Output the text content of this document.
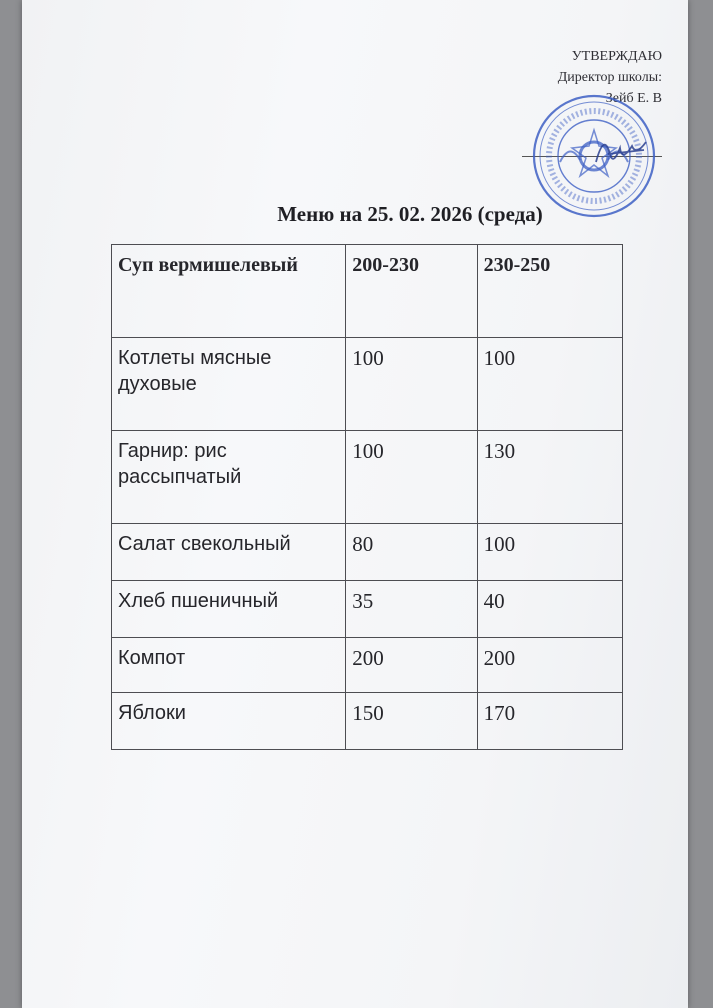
УТВЕРЖДАЮ
Директор школы:
Зейб Е. В
Меню на 25. 02. 2026 (среда)
Суп вермишелевый	200-230	230-250
Котлеты мясные духовые	100	100
Гарнир: рис рассыпчатый	100	130
Салат свекольный	80	100
Хлеб пшеничный	35	40
Компот	200	200
Яблоки	150	170
